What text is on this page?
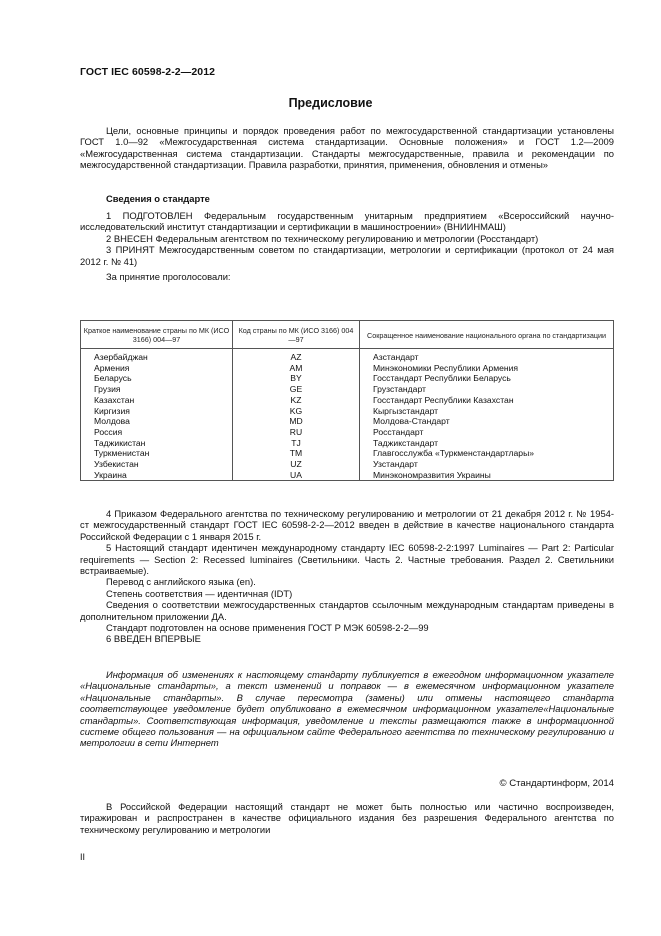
ГОСТ IEC 60598-2-2—2012
Предисловие

Цели, основные принципы и порядок проведения работ по межгосударственной стандартизации установлены ГОСТ 1.0—92 «Межгосударственная система стандартизации. Основные положения» и ГОСТ 1.2—2009 «Межгосударственная система стандартизации. Стандарты межгосударственные, правила и рекомендации по межгосударственной стандартизации. Правила разработки, принятия, применения, обновления и отмены»

Сведения о стандарте

1 ПОДГОТОВЛЕН Федеральным государственным унитарным предприятием «Всероссийский научно-исследовательский институт стандартизации и сертификации в машиностроении» (ВНИИНМАШ)

2 ВНЕСЕН Федеральным агентством по техническому регулированию и метрологии (Росстандарт)

3 ПРИНЯТ Межгосударственным советом по стандартизации, метрологии и сертификации (протокол от 24 мая 2012 г. № 41)

За принятие проголосовали:

Краткое наименование страны по МК (ИСО 3166) 004—97	Код страны по МК (ИСО 3166) 004—97	Сокращенное наименование национального органа по стандартизации
Азербайджан	AZ	Азстандарт
Армения	AM	Минэкономики Республики Армения
Беларусь	BY	Госстандарт Республики Беларусь
Грузия	GE	Грузстандарт
Казахстан	KZ	Госстандарт Республики Казахстан
Киргизия	KG	Кыргызстандарт
Молдова	MD	Молдова-Стандарт
Россия	RU	Росстандарт
Таджикистан	TJ	Таджикстандарт
Туркменистан	TM	Главгосслужба «Туркменстандартлары»
Узбекистан	UZ	Узстандарт
Украина	UA	Минэкономразвития Украины

4 Приказом Федерального агентства по техническому регулированию и метрологии от 21 декабря 2012 г. № 1954-ст межгосударственный стандарт ГОСТ IEC 60598-2-2—2012 введен в действие в качестве национального стандарта Российской Федерации с 1 января 2015 г.

5 Настоящий стандарт идентичен международному стандарту IEC 60598-2-2:1997 Luminaires — Part 2: Particular requirements — Section 2: Recessed luminaires (Светильники. Часть 2. Частные требования. Раздел 2. Светильники встраиваемые).

Перевод с английского языка (en).

Степень соответствия — идентичная (IDT)

Сведения о соответствии межгосударственных стандартов ссылочным международным стандартам приведены в дополнительном приложении ДА.

Стандарт подготовлен на основе применения ГОСТ Р МЭК 60598-2-2—99

6 ВВЕДЕН ВПЕРВЫЕ

Информация об изменениях к настоящему стандарту публикуется в ежегодном информационном указателе «Национальные стандарты», а текст изменений и поправок — в ежемесячном информационном указателе «Национальные стандарты». В случае пересмотра (замены) или отмены настоящего стандарта соответствующее уведомление будет опубликовано в ежемесячном информационном указателе«Национальные стандарты». Соответствующая информация, уведомление и тексты размещаются также в информационной системе общего пользования — на официальном сайте Федерального агентства по техническому регулированию и метрологии в сети Интернет

© Стандартинформ, 2014

В Российской Федерации настоящий стандарт не может быть полностью или частично воспроизведен, тиражирован и распространен в качестве официального издания без разрешения Федерального агентства по техническому регулированию и метрологии

II
